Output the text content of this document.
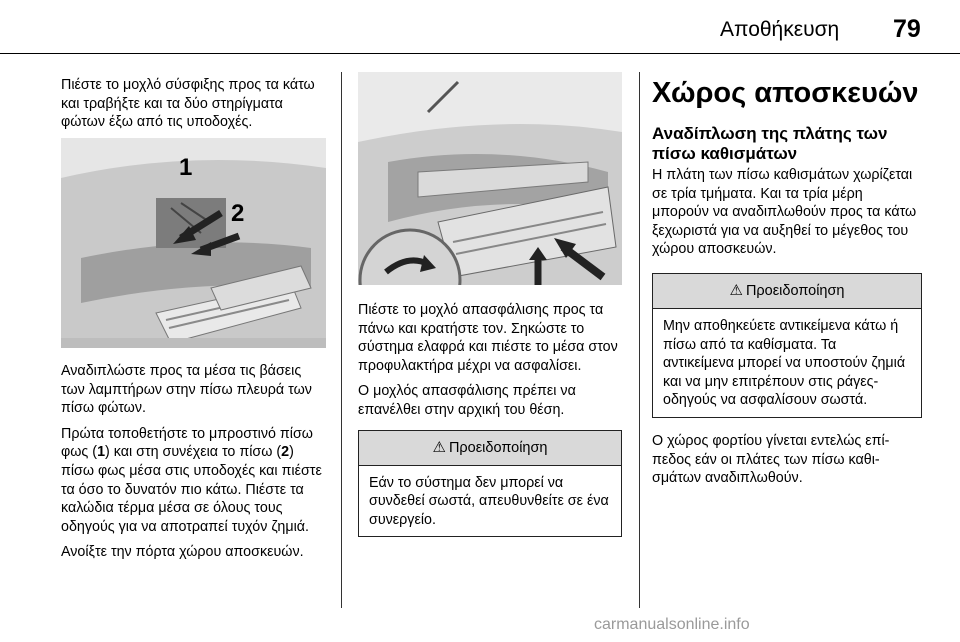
Αποθήκευση 79

Πιέστε το μοχλό σύσφιξης προς τα κάτω και τραβήξτε και τα δύο στηρίγματα φώτων έξω από τις υποδοχές.

1
2

Αναδιπλώστε προς τα μέσα τις βάσεις των λαμπτήρων στην πίσω πλευρά των πίσω φώτων.

Πρώτα τοποθετήστε το μπροστινό πίσω φως (1) και στη συνέχεια το πίσω (2) πίσω φως μέσα στις υποδοχές και πιέστε τα όσο το δυνατόν πιο κάτω. Πιέστε τα καλώδια τέρμα μέσα σε όλους τους οδηγούς για να αποτραπεί τυχόν ζημιά.

Ανοίξτε την πόρτα χώρου αποσκευών.

Πιέστε το μοχλό απασφάλισης προς τα πάνω και κρατήστε τον. Σηκώστε το σύστημα ελαφρά και πιέστε το μέσα στον προφυλακτήρα μέχρι να ασφαλίσει.

Ο μοχλός απασφάλισης πρέπει να επανέλθει στην αρχική του θέση.

⚠ Προειδοποίηση

Εάν το σύστημα δεν μπορεί να συνδεθεί σωστά, απευθυνθείτε σε ένα συνεργείο.

Χώρος αποσκευών
Αναδίπλωση της πλάτης των πίσω καθισμάτων

Η πλάτη των πίσω καθισμάτων χωρίζεται σε τρία τμήματα. Και τα τρία μέρη μπορούν να αναδιπλωθούν προς τα κάτω ξεχωριστά για να αυξηθεί το μέγεθος του χώρου αποσκευών.

⚠ Προειδοποίηση

Μην αποθηκεύετε αντικείμενα κάτω ή πίσω από τα καθίσματα. Τα αντικείμενα μπορεί να υποστούν ζημιά και να μην επιτρέπουν στις ράγες-οδηγούς να ασφαλίσουν σωστά.

Ο χώρος φορτίου γίνεται εντελώς επίπεδος εάν οι πλάτες των πίσω καθισμάτων αναδιπλωθούν.

carmanualsonline.info
